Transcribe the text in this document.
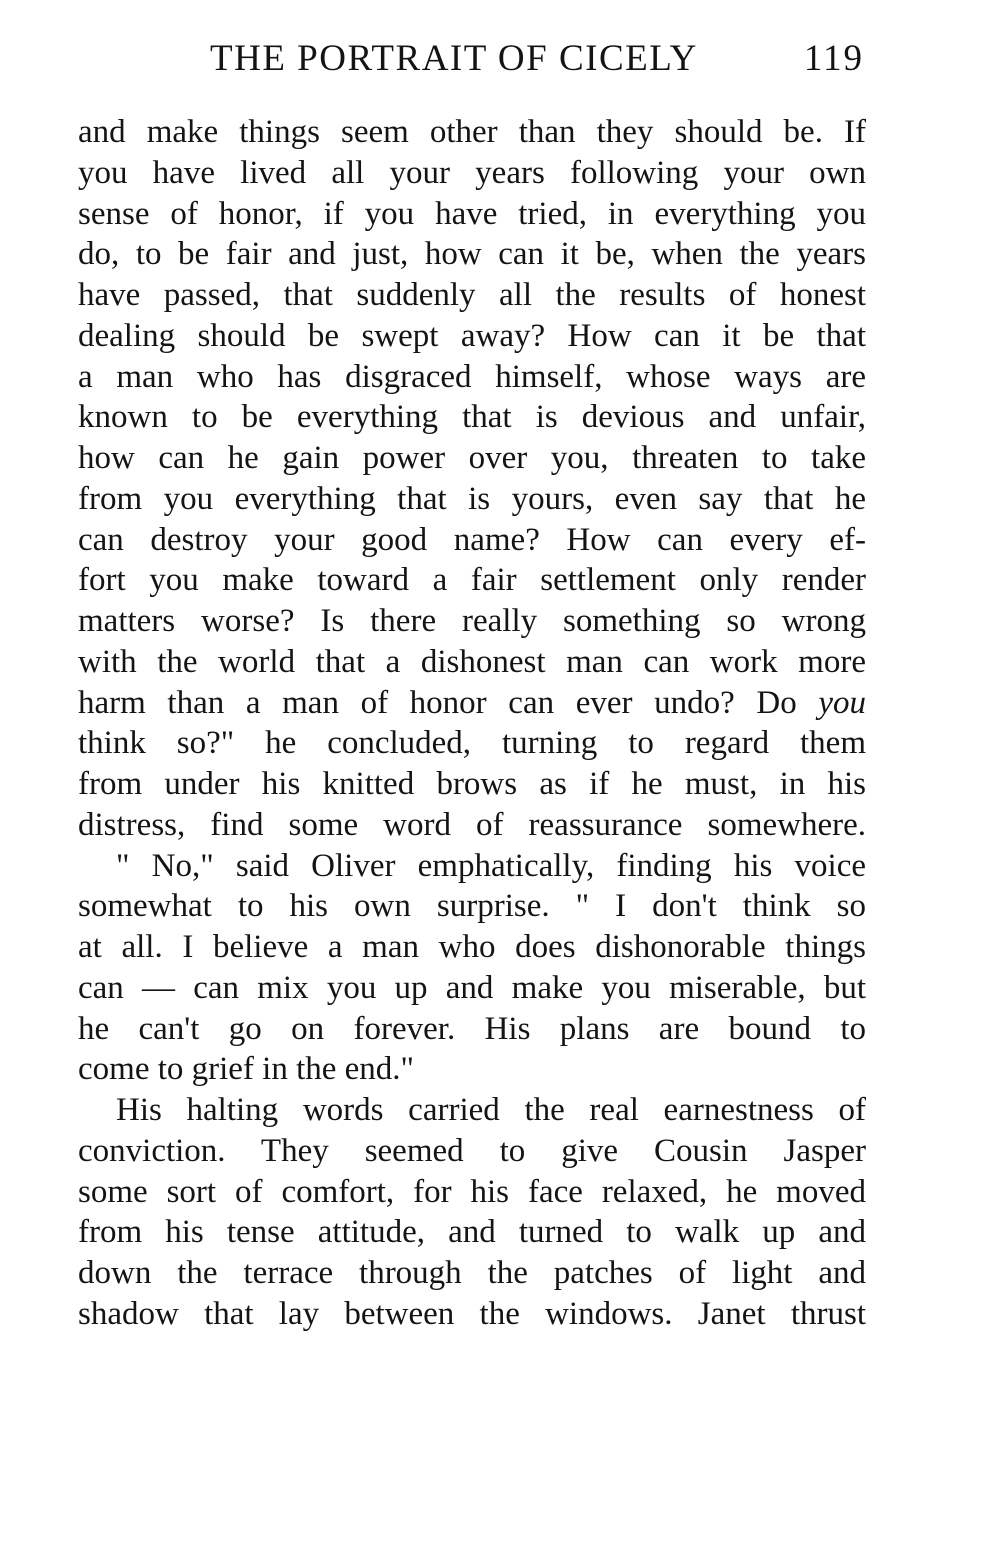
THE PORTRAIT OF CICELY	119
and make things seem other than they should be. If
you have lived all your years following your own
sense of honor, if you have tried, in everything you
do, to be fair and just, how can it be, when the years
have passed, that suddenly all the results of honest
dealing should be swept away? How can it be that
a man who has disgraced himself, whose ways are
known to be everything that is devious and unfair,
how can he gain power over you, threaten to take
from you everything that is yours, even say that he
can destroy your good name? How can every ef-
fort you make toward a fair settlement only render
matters worse? Is there really something so wrong
with the world that a dishonest man can work more
harm than a man of honor can ever undo? Do you
think so?" he concluded, turning to regard them
from under his knitted brows as if he must, in his
distress, find some word of reassurance somewhere.
" No," said Oliver emphatically, finding his voice
somewhat to his own surprise. " I don't think so
at all. I believe a man who does dishonorable things
can — can mix you up and make you miserable, but
he can't go on forever. His plans are bound to
come to grief in the end."
His halting words carried the real earnestness of
conviction. They seemed to give Cousin Jasper
some sort of comfort, for his face relaxed, he moved
from his tense attitude, and turned to walk up and
down the terrace through the patches of light and
shadow that lay between the windows. Janet thrust
